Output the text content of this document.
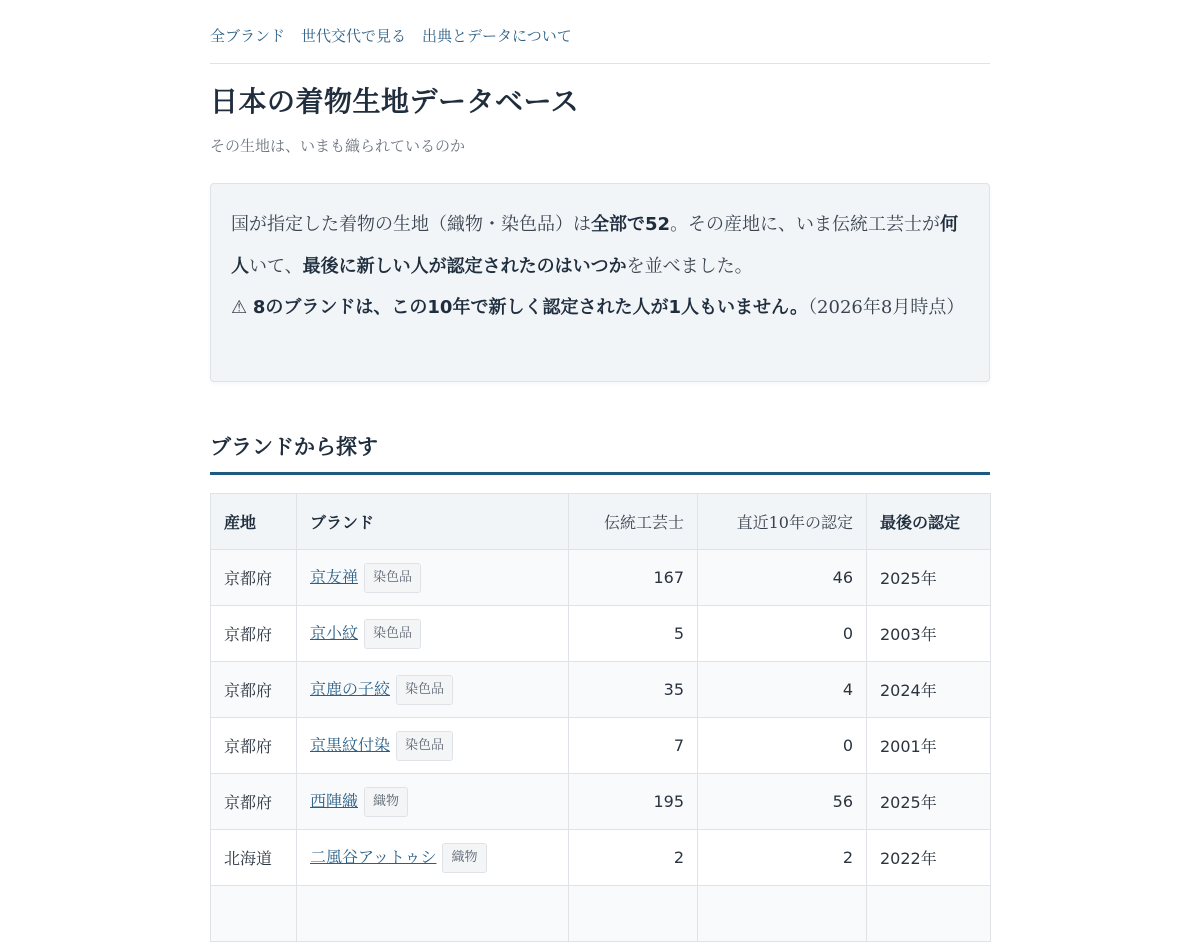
全ブランド 世代交代で見る 出典とデータについて
日本の着物生地データベース

その生地は、いまも織られているのか

国が指定した着物の生地（織物・染色品）は全部で52。その産地に、いま伝統工芸士が何人いて、最後に新しい人が認定されたのはいつかを並べました。
⚠ 8のブランドは、この10年で新しく認定された人が1人もいません。（2026年8月時点）
ブランドから探す
産地	ブランド	伝統工芸士	直近10年の認定	最後の認定
京都府	京友禅 染色品	167	46	2025年
京都府	京小紋 染色品	5	0	2003年
京都府	京鹿の子絞 染色品	35	4	2024年
京都府	京黒紋付染 染色品	7	0	2001年
京都府	西陣織 織物	195	56	2025年
北海道	二風谷アットゥシ 織物	2	2	2022年
